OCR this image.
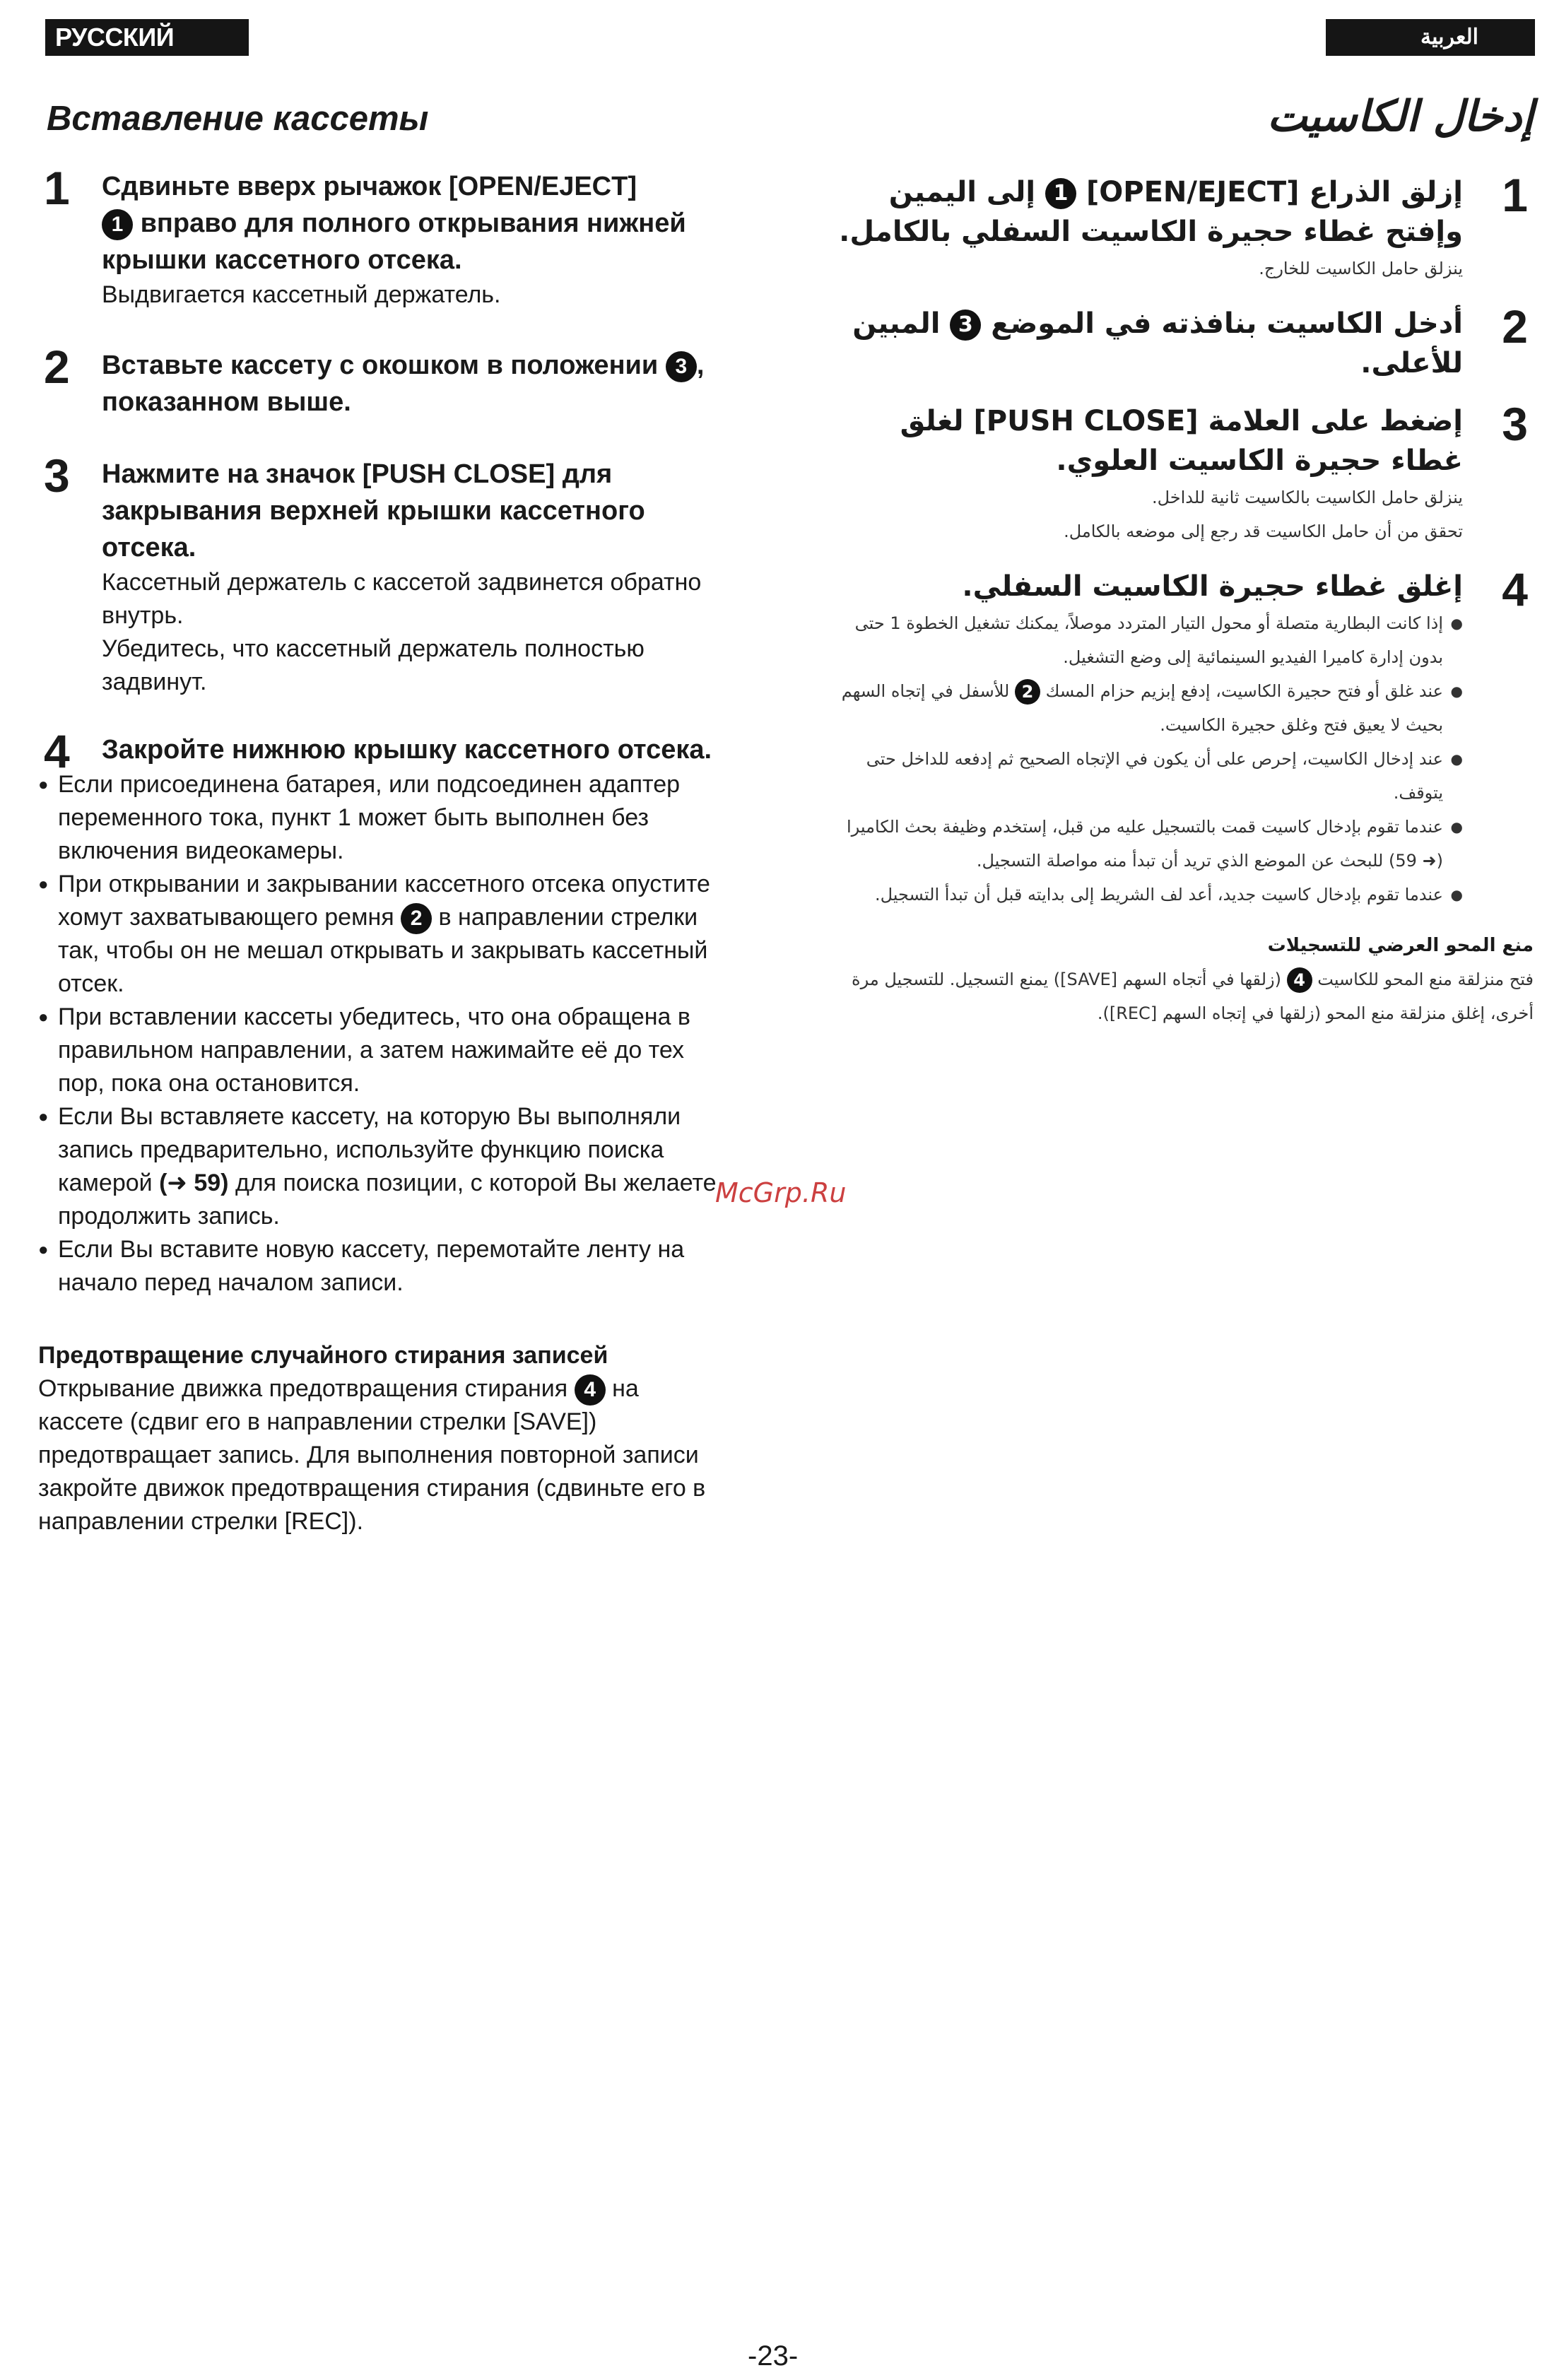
РУССКИЙ ЯЗЫК
العربية
Вставление кассеты
1 Сдвиньте вверх рычажок [OPEN/EJECT]
1 вправо для полного открывания нижней крышки кассетного отсека.
Выдвигается кассетный держатель.
2 Вставьте кассету с окошком в положении 3 , показанном выше.
3 Нажмите на значок [PUSH CLOSE] для закрывания верхней крышки кассетного отсека.
Кассетный держатель с кассетой задвинется обратно внутрь.
Убедитесь, что кассетный держатель полностью задвинут.
4 Закройте нижнюю крышку кассетного отсека.
● Если присоединена батарея, или подсоединен адаптер переменного тока, пункт 1 может быть выполнен без включения видеокамеры.
● При открывании и закрывании кассетного отсека опустите хомут захватывающего ремня 2 в направлении стрелки так, чтобы он не мешал открывать и закрывать кассетный отсек.
● При вставлении кассеты убедитесь, что она обращена в правильном направлении, а затем нажимайте её до тех пор, пока она остановится.
● Если Вы вставляете кассету, на которую Вы выполняли запись предварительно, используйте функцию поиска камерой (➜ 59) для поиска позиции, с которой Вы желаете продолжить запись.
● Если Вы вставите новую кассету, перемотайте ленту на начало перед началом записи.
Предотвращение случайного стирания записей
Открывание движка предотвращения стирания 4 на кассете (сдвиг его в направлении стрелки [SAVE]) предотвращает запись. Для выполнения повторной записи закройте движок предотвращения стирания (сдвиньте его в направлении стрелки [REC]).
إدخال الكاسيت
1
إزلق الذراع [OPEN/EJECT] 1 إلى اليمين وإفتح غطاء حجيرة الكاسيت السفلي بالكامل.
ينزلق حامل الكاسيت للخارج.
2
أدخل الكاسيت بنافذته في الموضع 3 المبين للأعلى.
3
إضغط على العلامة [PUSH CLOSE] لغلق غطاء حجيرة الكاسيت العلوي.
ينزلق حامل الكاسيت بالكاسيت ثانية للداخل.
تحقق من أن حامل الكاسيت قد رجع إلى موضعه بالكامل.
4
إغلق غطاء حجيرة الكاسيت السفلي.
● إذا كانت البطارية متصلة أو محول التيار المتردد موصلاً، يمكنك تشغيل الخطوة 1 حتى بدون إدارة كاميرا الفيديو السينمائية إلى وضع التشغيل.
● عند غلق أو فتح حجيرة الكاسيت، إدفع إبزيم حزام المسك 2 للأسفل في إتجاه السهم بحيث لا يعيق فتح وغلق حجيرة الكاسيت.
● عند إدخال الكاسيت، إحرص على أن يكون في الإتجاه الصحيح ثم إدفعه للداخل حتى يتوقف.
● عندما تقوم بإدخال كاسيت قمت بالتسجيل عليه من قبل، إستخدم وظيفة بحث الكاميرا (➜ 59) للبحث عن الموضع الذي تريد أن تبدأ منه مواصلة التسجيل.
● عندما تقوم بإدخال كاسيت جديد، أعد لف الشريط إلى بدايته قبل أن تبدأ التسجيل.
منع المحو العرضي للتسجيلات
فتح منزلقة منع المحو للكاسيت 4 (زلقها في أتجاه السهم [SAVE]) يمنع التسجيل. للتسجيل مرة أخرى، إغلق منزلقة منع المحو (زلقها في إتجاه السهم [REC]).
McGrp.Ru
-23-
